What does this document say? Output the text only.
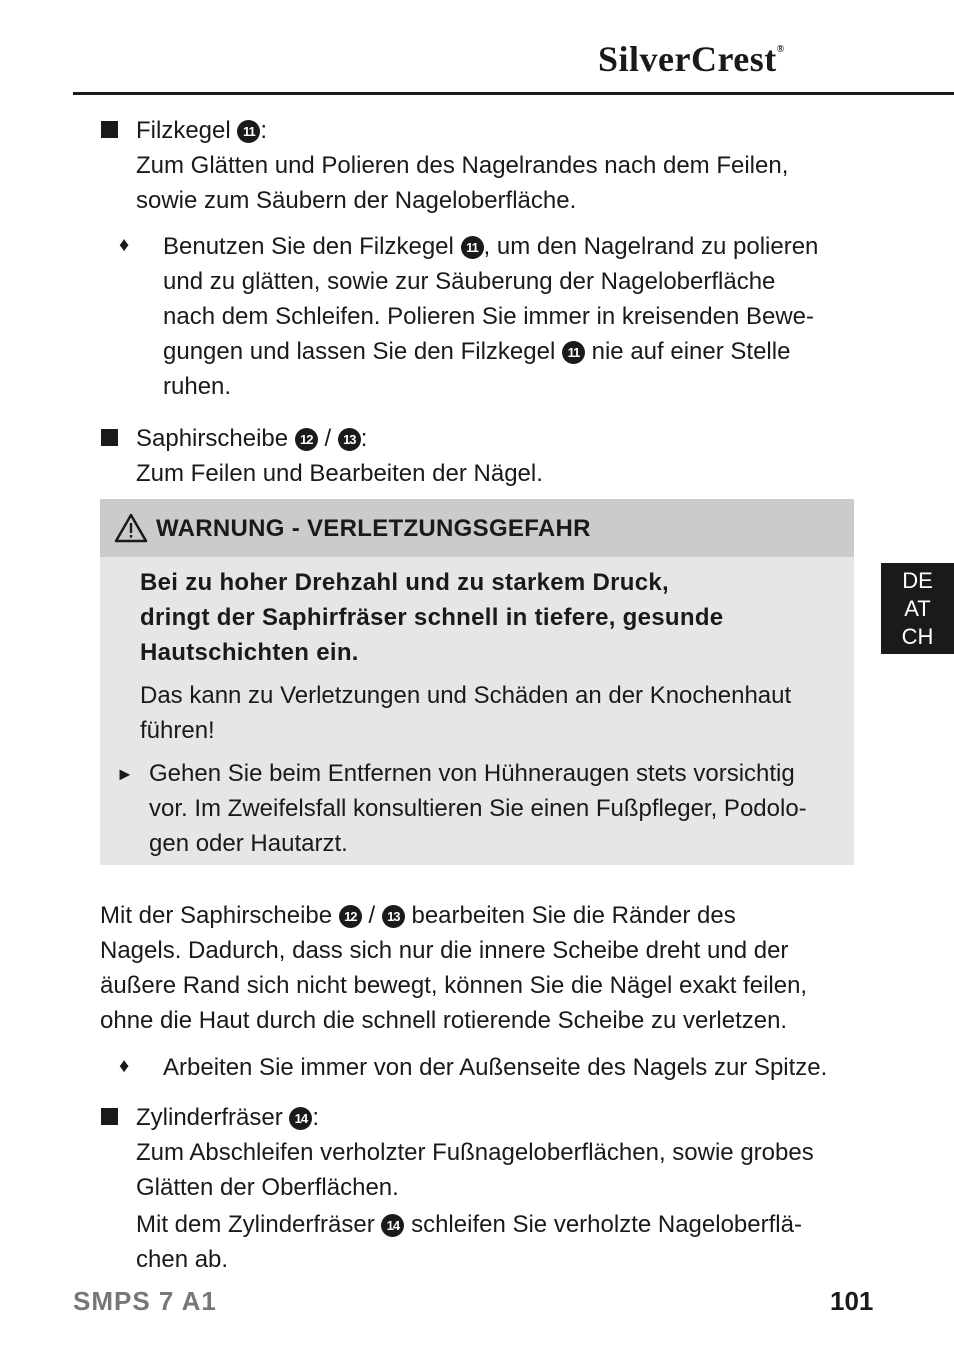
SilverCrest®
DE
AT
CH
Filzkegel 11 :
Zum Glätten und Polieren des Nagelrandes nach dem Feilen,
sowie zum Säubern der Nageloberfläche.
♦ Benutzen Sie den Filzkegel 11 , um den Nagelrand zu polieren
und zu glätten, sowie zur Säuberung der Nageloberfläche
nach dem Schleifen. Polieren Sie immer in kreisenden Bewe-
gungen und lassen Sie den Filzkegel 11 nie auf einer Stelle
ruhen.
Saphirscheibe 12 / 13 :
Zum Feilen und Bearbeiten der Nägel.
WARNUNG - VERLETZUNGSGEFAHR
Bei zu hoher Drehzahl und zu starkem Druck,
dringt der Saphirfräser schnell in tiefere, gesunde
Hautschichten ein.
Das kann zu Verletzungen und Schäden an der Knochenhaut
führen!
► Gehen Sie beim Entfernen von Hühneraugen stets vorsichtig
vor. Im Zweifelsfall konsultieren Sie einen Fußpfleger, Podolo-
gen oder Hautarzt.
Mit der Saphirscheibe 12 / 13 bearbeiten Sie die Ränder des
Nagels. Dadurch, dass sich nur die innere Scheibe dreht und der
äußere Rand sich nicht bewegt, können Sie die Nägel exakt feilen,
ohne die Haut durch die schnell rotierende Scheibe zu verletzen.
♦ Arbeiten Sie immer von der Außenseite des Nagels zur Spitze.
Zylinderfräser 14 :
Zum Abschleifen verholzter Fußnageloberflächen, sowie grobes
Glätten der Oberflächen.
Mit dem Zylinderfräser 14 schleifen Sie verholzte Nageloberflä-
chen ab.
SMPS 7 A1	101
